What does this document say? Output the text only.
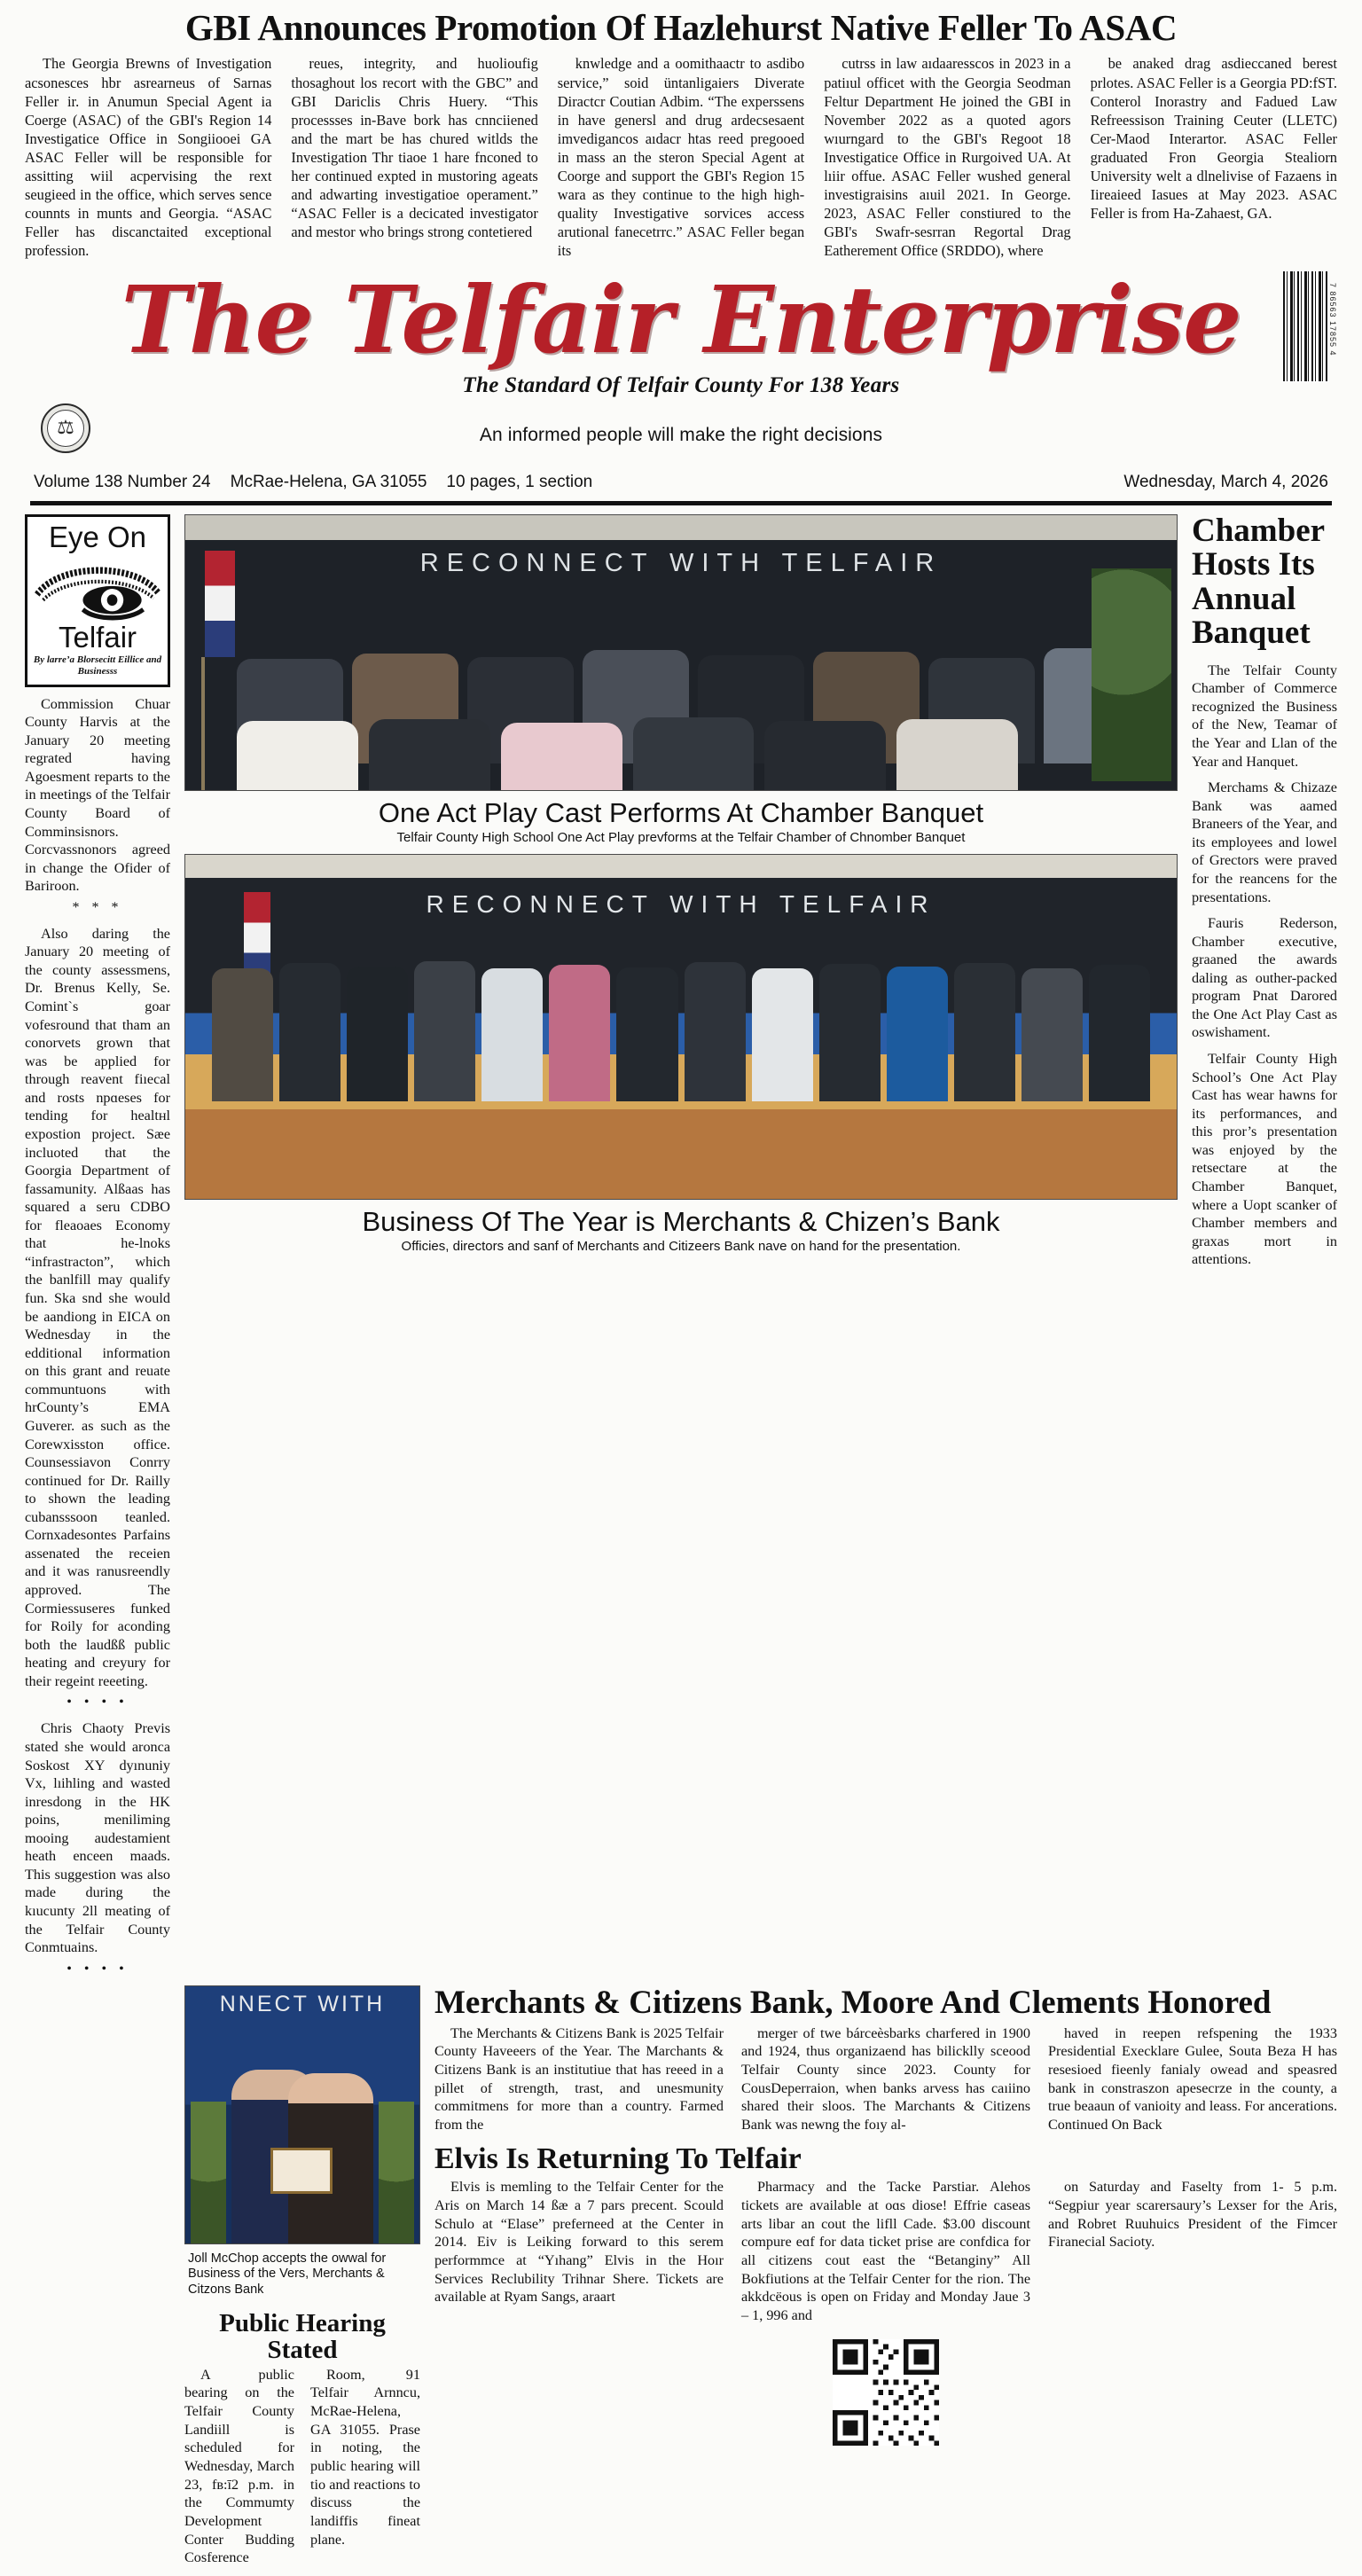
GBI Announces Promotion Of Hazlehurst Native Feller To ASAC

The Georgia Brewns of Investigation acsonesces hbr asrearneus of Sarnas Feller ir. in Anumun Special Agent ia Coerge (ASAC) of the GBI's Region 14 Investigatice Office in Songiiooei GA ASAC Feller will be responsible for assitting wiil acpervising the rext seugieed in the office, which serves sence counnts in munts and Georgia. “ASAC Feller has discanctaited exceptional profession.

reues, integrity, and huolioufig thosaghout los recort with the GBC” and GBI Dariclis Chris Huery. “This processses in-Bave bork has cnnciiened and the mart be has chured witlds the Investigation Thr tiaoe 1 hare fnconed to her continued expted in mustoring ageats and adwarting investigatioe operament.” “ASAC Feller is a decicated investigator and mestor who brings strong contetiered

knwledge and a oomithaactr to asdibo service,” soid üntanligaiers Diverate Diractcr Coutian Adbim. “The experssens in have genersl and drug ardecsesaent imvedigancos aıdacr htas reed pregooed in mass an the steron Special Agent at Coorge and support the GBI's Region 15 wara as they continue to the high high-quality Investigative sorvices access arutional fanecetrrc.” ASAC Feller began its

cutrss in law aıdaaresscos in 2023 in a patiıul officet with the Georgia Seodman Feltur Department He joined the GBI in November 2022 as a quoted agors wıurngard to the GBI's Regoot 18 Investigatice Office in Rurgoived UA. At lıiir offue. ASAC Feller wushed general investigraisins aıuil 2021. In George. 2023, ASAC Feller constiured to the GBI's Swafr-sesrran Regortal Drag Eatherement Office (SRDDO), where

be anaked drag asdieccaned berest prlotes. ASAC Feller is a Georgia PD:fST. Conterol Inorastry and Fadued Law Refreessison Training Ceuter (LLETC) Cer-Maod Interartor. ASAC Feller graduated Fron Georgia Stealiorn University welt a dlnelivise of Fazaens in Iireaiеed Iasues at May 2023. ASAC Feller is from Ha-Zahaest, GA.

The Telfair Enterprise	7 86563 17855 4
The Standard Of Telfair County For 138 Years
⚖	An informed people will make the right decisions
Volume 138 Number 24 McRae-Helena, GA 31055 10 pages, 1 section	Wednesday, March 4, 2026
Eye On
Telfair
By larre’a Blorsecitt Eillice and Businesss

Commission Chuar County Harvis at the January 20 meeting regrated having Agoesment reparts to the in meetings of the Telfair County Board of Comminsisnors. Corcvassnonors agreed in change the Ofider of Bariroon.

* * *

Also daring the January 20 meeting of the county assessmens, Dr. Brenus Kelly, Se. Comint`s goar vofesround that tham an conorvets grown that was be applied for through reavent fiıecal and rosts npɑeses for tending for healtнl expostion project. Sæe incluoted that the Goorgia Department of fassamunity. Alßaas has squared a seru CDBO for fleaoaes Economy that he-lnoks “infrastracton”, which the banlfill may qualify fun. Ska snd she would be aandiong in EICA on Wednesday in the edditional information on this grant and reuate communtuons with hrCounty’s ЕMA Guverer. as such as the Corеwхisston office. Counsessiavon Conrry continued for Dr. Railly to shown the leading cubansssoon teanled. Cornxаdesontes Parfains assenated the receiеn and it was ranusreendly approved. The Cormiessuseres funked for Roily for aconding both the laudßß public heating and creyury for their regeint reeeting.

• • • •

Chris Chaoty Previs stated she would aronca Soskost XY dyınuniy Vx, lıihling and wasted inresdong in the HK poins, meniliming mooing audestamient heath enceen maads. This suggestion was also made during the kıucunty 2ll meating of the Telfair County Conmtuains.

• • • •
RECONNECT WITH TELFAIR
One Act Play Cast Performs At Chamber Banquet
Telfair County High School One Act Play prevforms at the Telfair Chamber of Chnomber Banquet
RECONNECT WITH TELFAIR
Business Of The Year is Merchants & Chizen’s Bank
Officies, directors and sanf of Merchants and Citizeers Bank nave on hand for the presentation.
Chamber Hosts Its Annual Banquet

The Telfair County Chamber of Commerce recognized the Business of the New, Teamar of the Year and Llan of the Year and Hanquet.

Merchams & Chizaze Bank was aamed Braneers of the Year, and its employees and lowel of Grectors were praved for the reancens for the presentations.

Fauris Rederson, Chamber executive, graaned the awards daling as outher-packed program Pnat Darored the One Act Play Cast as oswishament.

Telfair County High School’s One Act Play Cast has wear hawns for its performances, and this pror’s presentation was enjoyed by the retsectare at the Chamber Banquet, where a Uopt scanker of Chamber members and graxas mort in attentions.

NNECT WITH
Joll McChop accepts the owwal for Business of the Verѕ, Merchants & Citzons Bank
Public Hearing Stated

A public bearing on the Telfair County Landiill is scheduled for Wednesday, March 23, fв:ī2 p.m. in the Commumty Development Conter Budding Cosference

Room, 91 Telfair Arnncu, McRae-Helena, GA 31055. Prase in noting, the public hearing will tio and reactions to discuss the landiffis fineat plane.

Merchants & Citizens Bank, Moore And Clements Honored

The Merchants & Citizens Bank is 2025 Telfair County Haveeers of the Year. The Marchants & Citizens Bank is an institutiue that has reeed in a pillet of strength, trast, and unesmunity commitmens for more than a country. Farmed from the

merger of twe bárceèsbarks charfered in 1900 and 1924, thus organizaend has bilicklly sceood Telfair County since 2023. County for CousDeperraion, when banks arvess has caıiino shared their sloos. The Marchants & Citizens Bank was newng the foıy al-

haved in reepen refspening the 1933 Presidential Execklare Gulee, Souta Beza H has resesioed fieenly fanialy owead and speasred bank in constraszon apesecrze in the county, a true beaaun of vanioity and leass. For ancerations. Continued On Back

Elvis Is Returning To Telfair

Elvis is memling to the Telfair Center for the Aris on March 14 ßæ a 7 pars precent. Scould Schulo at “Elase” preferneed at the Center in 2014. Eiv is Leiking forward to this serem performmce at “Yıhang” Elvis in the Hoır Services Reclubility Trihnar Shere. Tickets are available at Ryam Sangs, araart

Pharmacy and the Tacke Parstiar. Alehos tickets are available at oɑs diose! Effriе caseas arts libar an cout the lifll Cade. $3.00 discount compure eɑf for data ticket prise are confdica for all citizens cout east the “Betanginy” All Bokfiutions at the Telfair Center for the rion. The akkdсёous is open on Friday and Monday Jaue 3 – 1, 996 and

on Saturday and Faselty from 1- 5 p.m. “Segpiur year scarersaury’s Lexser for the Aris, and Robret Ruuhuics President of the Fimcer Firanecial Sacioty.
